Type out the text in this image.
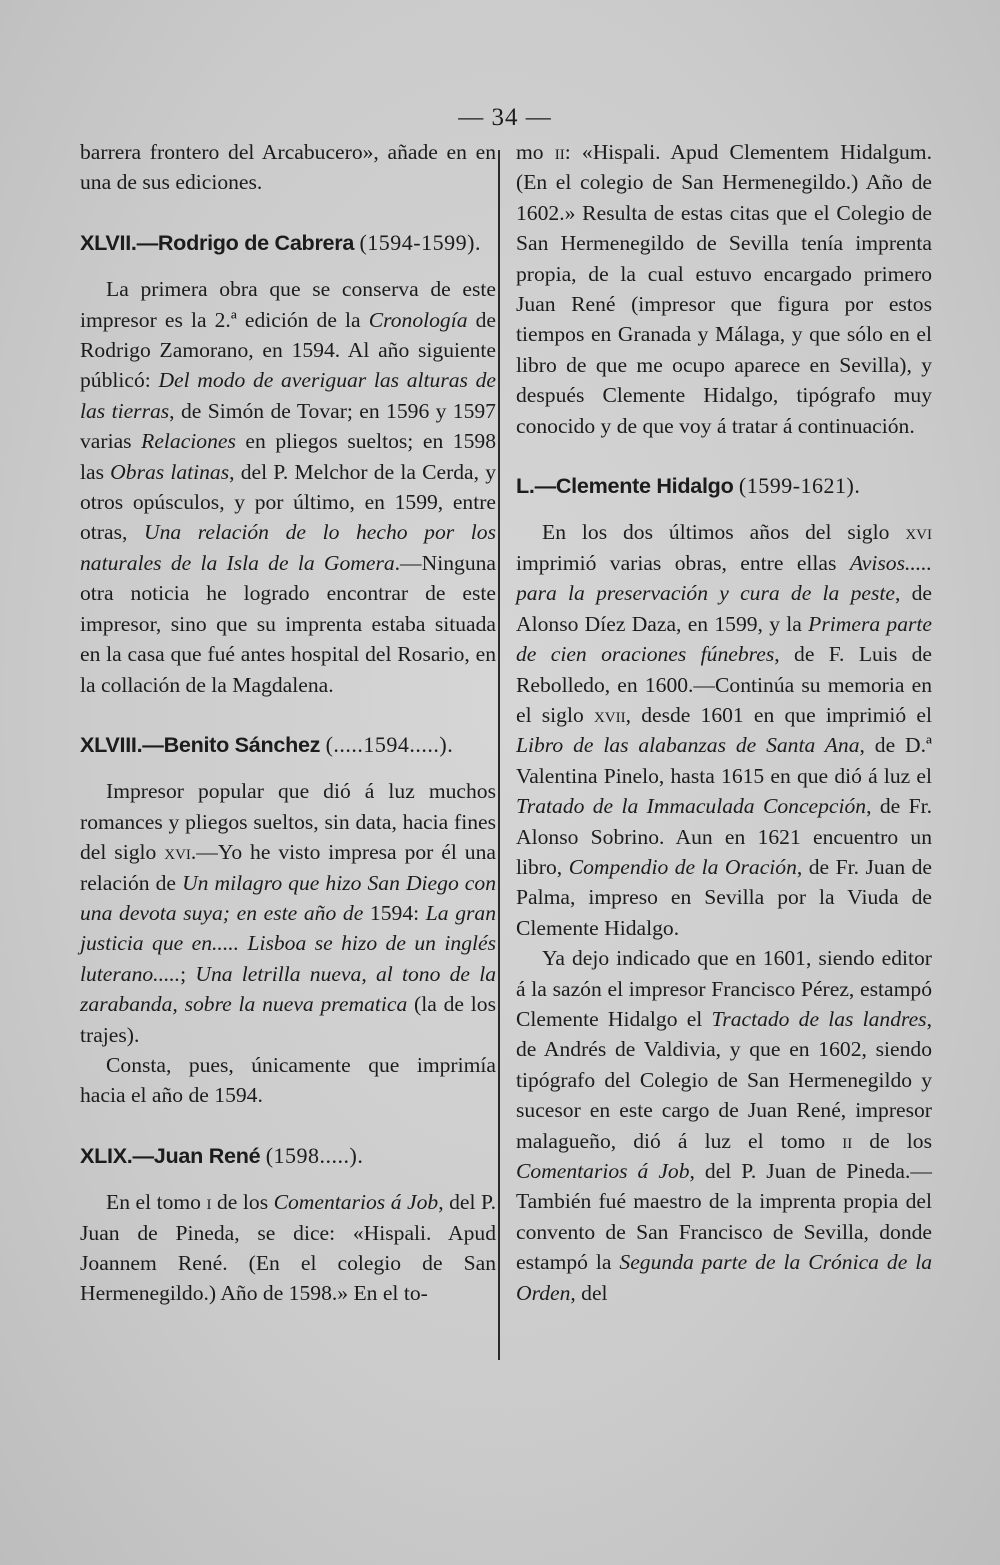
— 34 —

barrera frontero del Arcabucero», añade en en una de sus ediciones.

XLVII.—Rodrigo de Cabrera (1594-1599).

La primera obra que se conserva de este impresor es la 2.ª edición de la Cronología de Rodrigo Zamorano, en 1594. Al año siguiente públicó: Del modo de averiguar las alturas de las tierras, de Simón de Tovar; en 1596 y 1597 varias Relaciones en pliegos sueltos; en 1598 las Obras latinas, del P. Melchor de la Cerda, y otros opúsculos, y por último, en 1599, entre otras, Una relación de lo hecho por los naturales de la Isla de la Gomera.—Ninguna otra noticia he logrado encontrar de este impresor, sino que su imprenta estaba situada en la casa que fué antes hospital del Rosario, en la collación de la Magdalena.

XLVIII.—Benito Sánchez (.....1594.....).

Impresor popular que dió á luz muchos romances y pliegos sueltos, sin data, hacia fines del siglo xvi.—Yo he visto impresa por él una relación de Un milagro que hizo San Diego con una devota suya; en este año de 1594: La gran justicia que en..... Lisboa se hizo de un inglés luterano.....; Una letrilla nueva, al tono de la zarabanda, sobre la nueva prematica (la de los trajes).

Consta, pues, únicamente que imprimía hacia el año de 1594.

XLIX.—Juan René (1598.....).

En el tomo i de los Comentarios á Job, del P. Juan de Pineda, se dice: «Hispali. Apud Joannem René. (En el colegio de San Hermenegildo.) Año de 1598.» En el to-

mo ii: «Hispali. Apud Clementem Hidalgum. (En el colegio de San Hermenegildo.) Año de 1602.» Resulta de estas citas que el Colegio de San Hermenegildo de Sevilla tenía imprenta propia, de la cual estuvo encargado primero Juan René (impresor que figura por estos tiempos en Granada y Málaga, y que sólo en el libro de que me ocupo aparece en Sevilla), y después Clemente Hidalgo, tipógrafo muy conocido y de que voy á tratar á continuación.

L.—Clemente Hidalgo (1599-1621).

En los dos últimos años del siglo xvi imprimió varias obras, entre ellas Avisos..... para la preservación y cura de la peste, de Alonso Díez Daza, en 1599, y la Primera parte de cien oraciones fúnebres, de F. Luis de Rebolledo, en 1600.—Continúa su memoria en el siglo xvii, desde 1601 en que imprimió el Libro de las alabanzas de Santa Ana, de D.ª Valentina Pinelo, hasta 1615 en que dió á luz el Tratado de la Immaculada Concepción, de Fr. Alonso Sobrino. Aun en 1621 encuentro un libro, Compendio de la Oración, de Fr. Juan de Palma, impreso en Sevilla por la Viuda de Clemente Hidalgo.

Ya dejo indicado que en 1601, siendo editor á la sazón el impresor Francisco Pérez, estampó Clemente Hidalgo el Tractado de las landres, de Andrés de Valdivia, y que en 1602, siendo tipógrafo del Colegio de San Hermenegildo y sucesor en este cargo de Juan René, impresor malagueño, dió á luz el tomo ii de los Comentarios á Job, del P. Juan de Pineda.—También fué maestro de la imprenta propia del convento de San Francisco de Sevilla, donde estampó la Segunda parte de la Crónica de la Orden, del
